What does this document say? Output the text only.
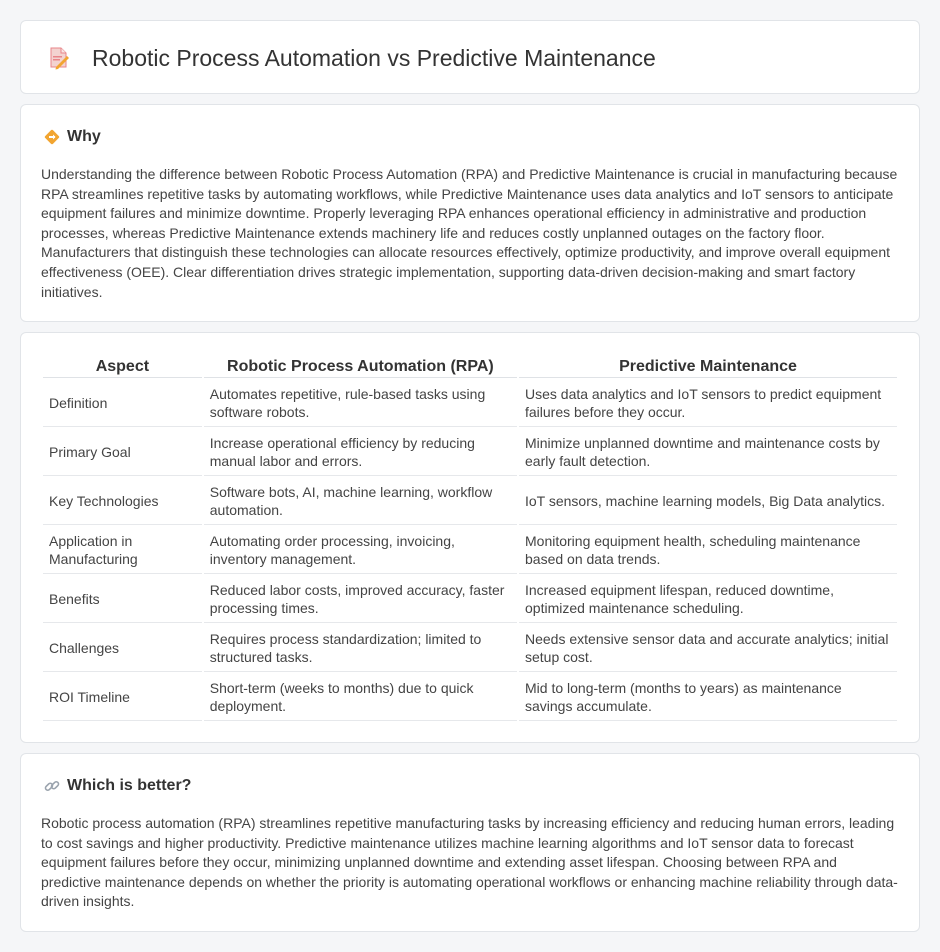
Robotic Process Automation vs Predictive Maintenance
Why

Understanding the difference between Robotic Process Automation (RPA) and Predictive Maintenance is crucial in manufacturing because RPA streamlines repetitive tasks by automating workflows, while Predictive Maintenance uses data analytics and IoT sensors to anticipate equipment failures and minimize downtime. Properly leveraging RPA enhances operational efficiency in administrative and production processes, whereas Predictive Maintenance extends machinery life and reduces costly unplanned outages on the factory floor. Manufacturers that distinguish these technologies can allocate resources effectively, optimize productivity, and improve overall equipment effectiveness (OEE). Clear differentiation drives strategic implementation, supporting data-driven decision-making and smart factory initiatives.

Aspect	Robotic Process Automation (RPA)	Predictive Maintenance
Definition	Automates repetitive, rule-based tasks using software robots.	Uses data analytics and IoT sensors to predict equipment failures before they occur.
Primary Goal	Increase operational efficiency by reducing manual labor and errors.	Minimize unplanned downtime and maintenance costs by early fault detection.
Key Technologies	Software bots, AI, machine learning, workflow automation.	IoT sensors, machine learning models, Big Data analytics.
Application in Manufacturing	Automating order processing, invoicing, inventory management.	Monitoring equipment health, scheduling maintenance based on data trends.
Benefits	Reduced labor costs, improved accuracy, faster processing times.	Increased equipment lifespan, reduced downtime, optimized maintenance scheduling.
Challenges	Requires process standardization; limited to structured tasks.	Needs extensive sensor data and accurate analytics; initial setup cost.
ROI Timeline	Short-term (weeks to months) due to quick deployment.	Mid to long-term (months to years) as maintenance savings accumulate.
Which is better?

Robotic process automation (RPA) streamlines repetitive manufacturing tasks by increasing efficiency and reducing human errors, leading to cost savings and higher productivity. Predictive maintenance utilizes machine learning algorithms and IoT sensor data to forecast equipment failures before they occur, minimizing unplanned downtime and extending asset lifespan. Choosing between RPA and predictive maintenance depends on whether the priority is automating operational workflows or enhancing machine reliability through data-driven insights.
